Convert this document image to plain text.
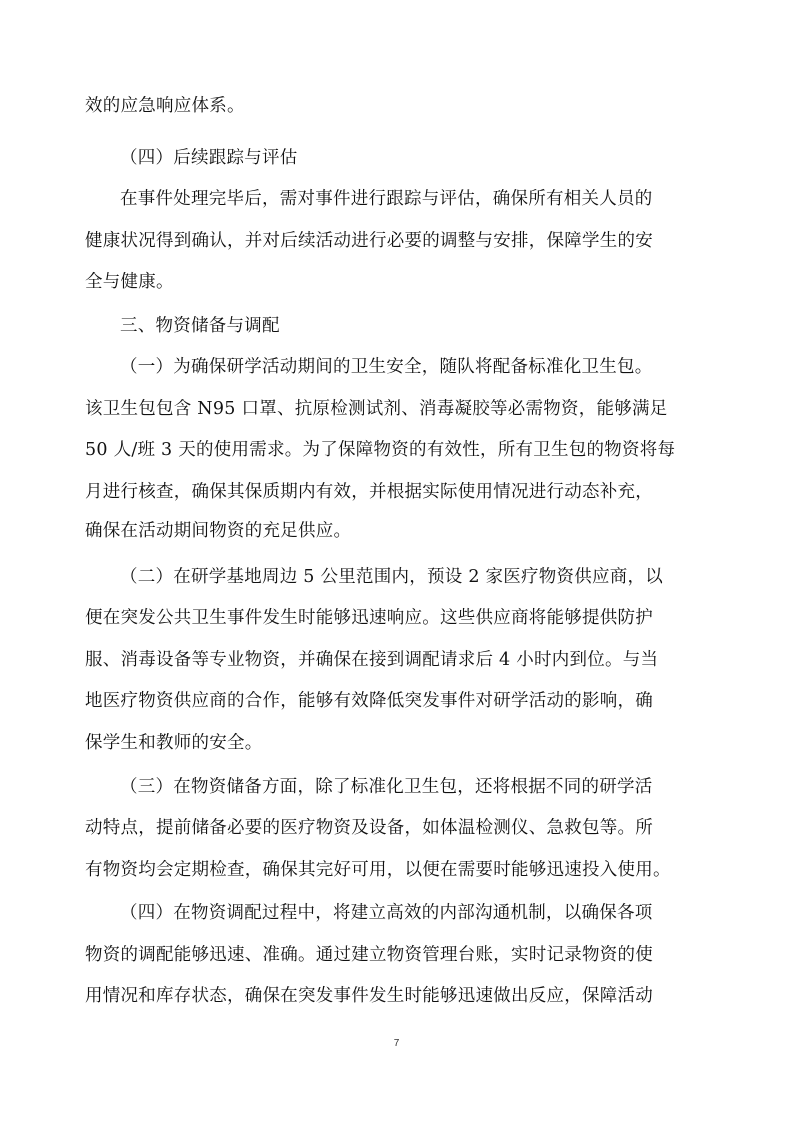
效的应急响应体系。

（四）后续跟踪与评估

在事件处理完毕后，需对事件进行跟踪与评估，确保所有相关人员的

健康状况得到确认，并对后续活动进行必要的调整与安排，保障学生的安

全与健康。

三、物资储备与调配

（一）为确保研学活动期间的卫生安全，随队将配备标准化卫生包。

该卫生包包含 N95 口罩、抗原检测试剂、消毒凝胶等必需物资，能够满足

50 人/班 3 天的使用需求。为了保障物资的有效性，所有卫生包的物资将每

月进行核查，确保其保质期内有效，并根据实际使用情况进行动态补充，

确保在活动期间物资的充足供应。

（二）在研学基地周边 5 公里范围内，预设 2 家医疗物资供应商，以

便在突发公共卫生事件发生时能够迅速响应。这些供应商将能够提供防护

服、消毒设备等专业物资，并确保在接到调配请求后 4 小时内到位。与当

地医疗物资供应商的合作，能够有效降低突发事件对研学活动的影响，确

保学生和教师的安全。

（三）在物资储备方面，除了标准化卫生包，还将根据不同的研学活

动特点，提前储备必要的医疗物资及设备，如体温检测仪、急救包等。所

有物资均会定期检查，确保其完好可用，以便在需要时能够迅速投入使用。

（四）在物资调配过程中，将建立高效的内部沟通机制，以确保各项

物资的调配能够迅速、准确。通过建立物资管理台账，实时记录物资的使

用情况和库存状态，确保在突发事件发生时能够迅速做出反应，保障活动

7
